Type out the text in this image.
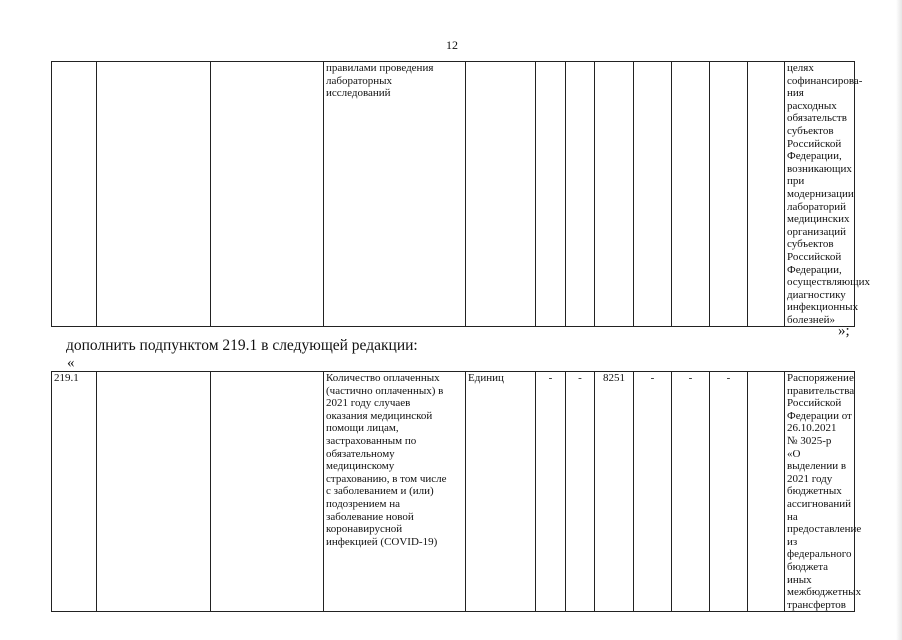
12
			правилами проведения
лабораторных
исследований									целях
софинансирова-
ния расходных
обязательств
субъектов
Российской
Федерации,
возникающих при
модернизации
лабораторий
медицинских
организаций
субъектов
Российской
Федерации,
осуществляющих
диагностику
инфекционных
болезней»
»;
дополнить подпунктом 219.1 в следующей редакции:
«
219.1			Количество оплаченных
(частично оплаченных) в
2021 году случаев
оказания медицинской
помощи лицам,
застрахованным по
обязательному
медицинскому
страхованию, в том числе
с заболеванием и (или)
подозрением на
заболевание новой
коронавирусной
инфекцией (COVID-19)	Единиц	-	-	8251	-	-	-		Распоряжение
правительства
Российской
Федерации от
26.10.2021
№ 3025-р
«О выделении в
2021 году
бюджетных
ассигнований на
предоставление из
федерального
бюджета иных
межбюджетных
трансфертов
